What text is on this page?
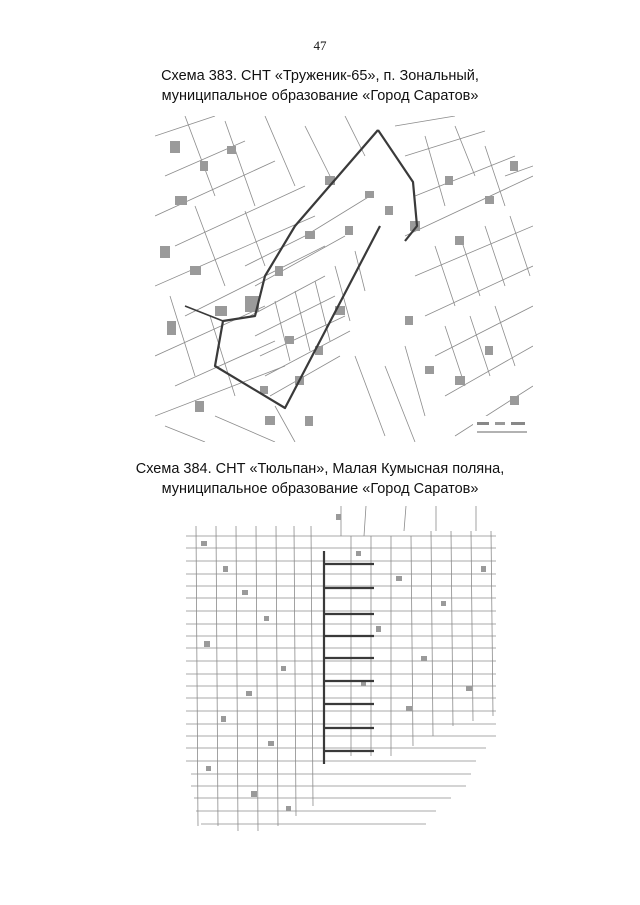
47
Схема 383. СНТ «Труженик-65», п. Зональный,
муниципальное образование «Город Саратов»
Схема 384. СНТ «Тюльпан», Малая Кумысная поляна,
муниципальное образование «Город Саратов»
